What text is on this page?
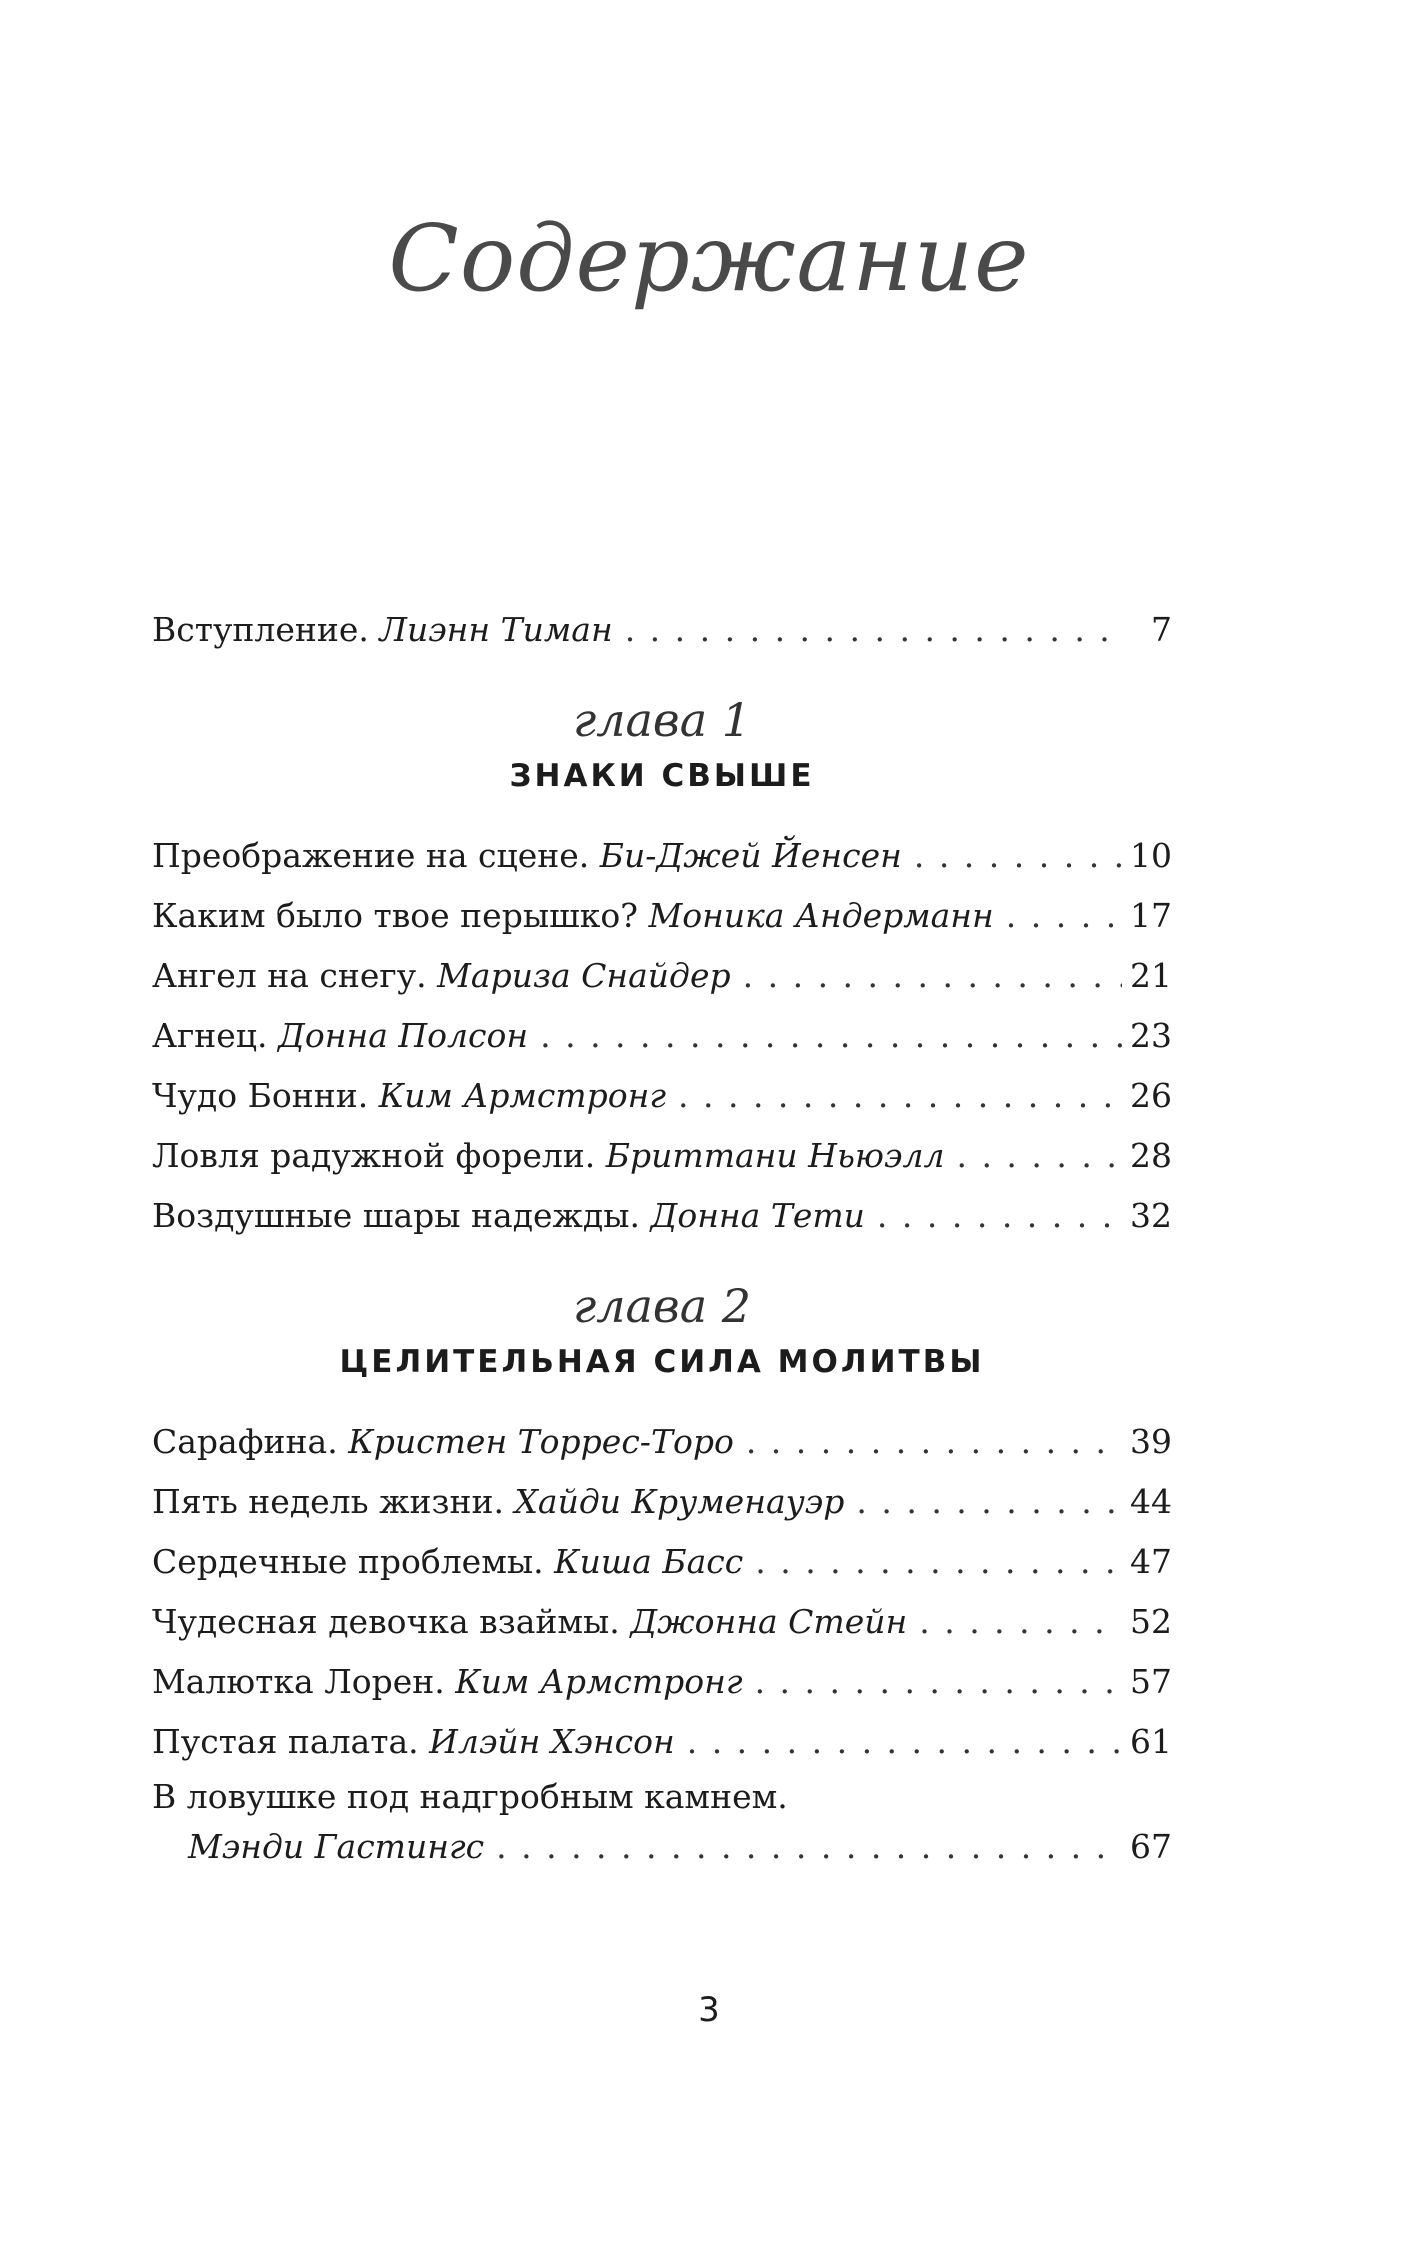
Содержание
Вступление.
Лиэнн Тиман . . .	7
глава 1
ЗНАКИ СВЫШЕ
Преображение на сцене.
Би-Джей Йенсен . . .	10
Каким было твое перышко?
Моника Андерманн . . .	17
Ангел на снегу.
Мариза Снайдер . . .	21
Агнец.
Донна Полсон . . .	23
Чудо Бонни.
Ким Армстронг . . .	26
Ловля радужной форели.
Бриттани Ньюэлл . . .	28
Воздушные шары надежды.
Донна Тети . . .	32
глава 2
ЦЕЛИТЕЛЬНАЯ СИЛА МОЛИТВЫ
Сарафина.
Кристен Торрес-Торо . . .	39
Пять недель жизни.
Хайди Круменауэр . . .	44
Сердечные проблемы.
Киша Басс . . .	47
Чудесная девочка взаймы.
Джонна Стейн . . .	52
Малютка Лорен.
Ким Армстронг . . .	57
Пустая палата.
Илэйн Хэнсон . . .	61
В ловушке под надгробным камнем.
Мэнди Гастингс . . .	67
3
